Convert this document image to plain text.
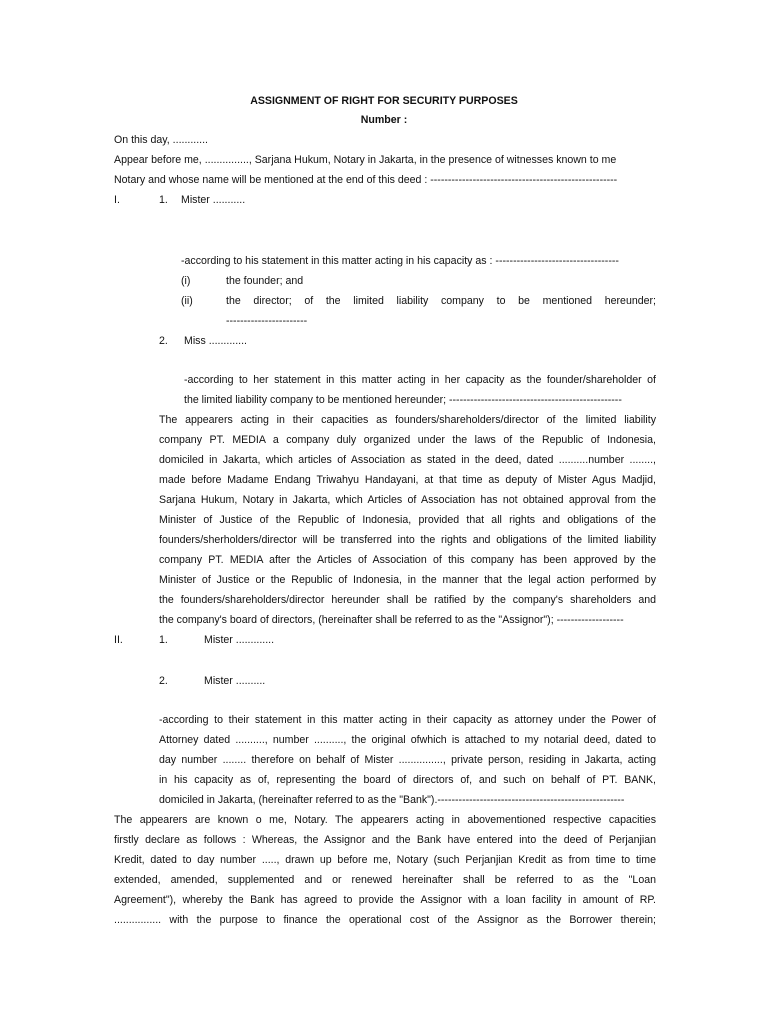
ASSIGNMENT OF RIGHT FOR SECURITY PURPOSES
Number :
On this day, ............
Appear before me, ..............., Sarjana Hukum, Notary in Jakarta, in the presence of witnesses known to me
Notary and whose name will be mentioned at the end of this deed : -----------------------------------------------------
I.	1. Mister ...........
-according to his statement in this matter acting in his capacity as : -----------------------------------
(i)	the founder; and
(ii)	the director; of the limited liability company to be mentioned hereunder;
-----------------------
2. Miss .............
-according to her statement in this matter acting in her capacity as the founder/shareholder of
the limited liability company to be mentioned hereunder; -------------------------------------------------
The appearers acting in their capacities as founders/shareholders/director of the limited liability
company PT. MEDIA a company duly organized under the laws of the Republic of Indonesia,
domiciled in Jakarta, which articles of Association as stated in the deed, dated ..........number ........,
made before Madame Endang Triwahyu Handayani, at that time as deputy of Mister Agus Madjid,
Sarjana Hukum, Notary in Jakarta, which Articles of Association has not obtained approval from the
Minister of Justice of the Republic of Indonesia, provided that all rights and obligations of the
founders/sherholders/director will be transferred into the rights and obligations of the limited liability
company PT. MEDIA after the Articles of Association of this company has been approved by the
Minister of Justice or the Republic of Indonesia, in the manner that the legal action performed by
the founders/shareholders/director hereunder shall be ratified by the company's shareholders and
the company's board of directors, (hereinafter shall be referred to as the "Assignor"); -------------------
II.	1.	Mister .............
2.	Mister ..........
-according to their statement in this matter acting in their capacity as attorney under the Power of
Attorney dated .........., number .........., the original ofwhich is attached to my notarial deed, dated to
day number ........ therefore on behalf of Mister ..............., private person, residing in Jakarta, acting
in his capacity as of, representing the board of directors of, and such on behalf of PT. BANK,
domiciled in Jakarta, (hereinafter referred to as the "Bank").-----------------------------------------------------
The appearers are known o me, Notary. The appearers acting in abovementioned respective capacities
firstly declare as follows : Whereas, the Assignor and the Bank have entered into the deed of Perjanjian
Kredit, dated to day number ....., drawn up before me, Notary (such Perjanjian Kredit as from time to time
extended, amended, supplemented and or renewed hereinafter shall be referred to as the "Loan
Agreement"), whereby the Bank has agreed to provide the Assignor with a loan facility in amount of RP.
................ with the purpose to finance the operational cost of the Assignor as the Borrower therein;
